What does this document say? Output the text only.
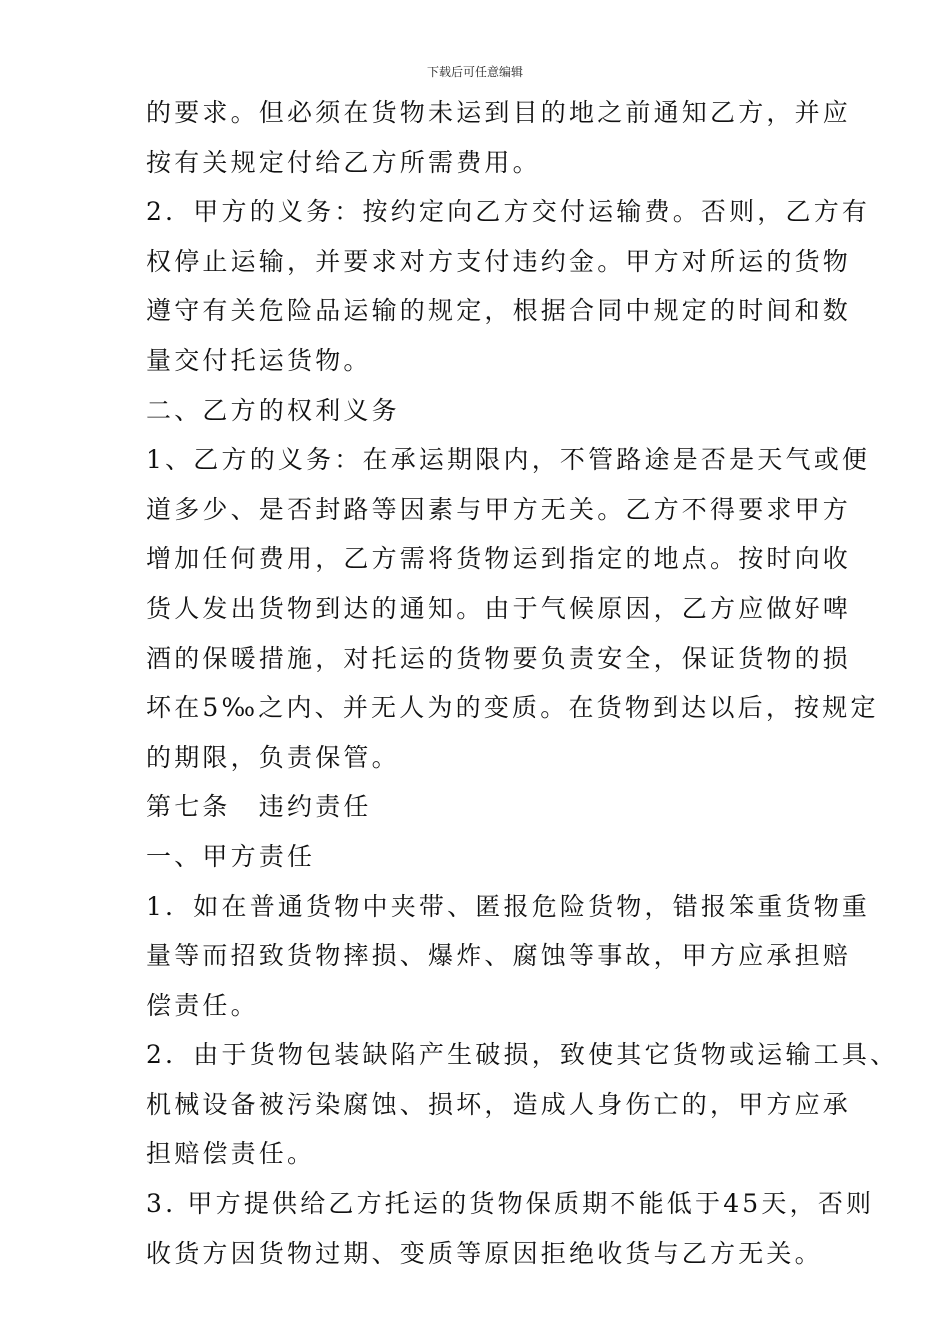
下载后可任意编辑
的要求。但必须在货物未运到目的地之前通知乙方，并应
按有关规定付给乙方所需费用。
2．甲方的义务：按约定向乙方交付运输费。否则，乙方有
权停止运输，并要求对方支付违约金。甲方对所运的货物
遵守有关危险品运输的规定，根据合同中规定的时间和数
量交付托运货物。
二、乙方的权利义务
1、乙方的义务：在承运期限内，不管路途是否是天气或便
道多少、是否封路等因素与甲方无关。乙方不得要求甲方
增加任何费用，乙方需将货物运到指定的地点。按时向收
货人发出货物到达的通知。由于气候原因，乙方应做好啤
酒的保暖措施，对托运的货物要负责安全，保证货物的损
坏在5‰之内、并无人为的变质。在货物到达以后，按规定
的期限，负责保管。
第七条　违约责任
一、甲方责任
1．如在普通货物中夹带、匿报危险货物，错报笨重货物重
量等而招致货物摔损、爆炸、腐蚀等事故，甲方应承担赔
偿责任。
2．由于货物包装缺陷产生破损，致使其它货物或运输工具、
机械设备被污染腐蚀、损坏，造成人身伤亡的，甲方应承
担赔偿责任。
3. 甲方提供给乙方托运的货物保质期不能低于45天，否则
收货方因货物过期、变质等原因拒绝收货与乙方无关。
